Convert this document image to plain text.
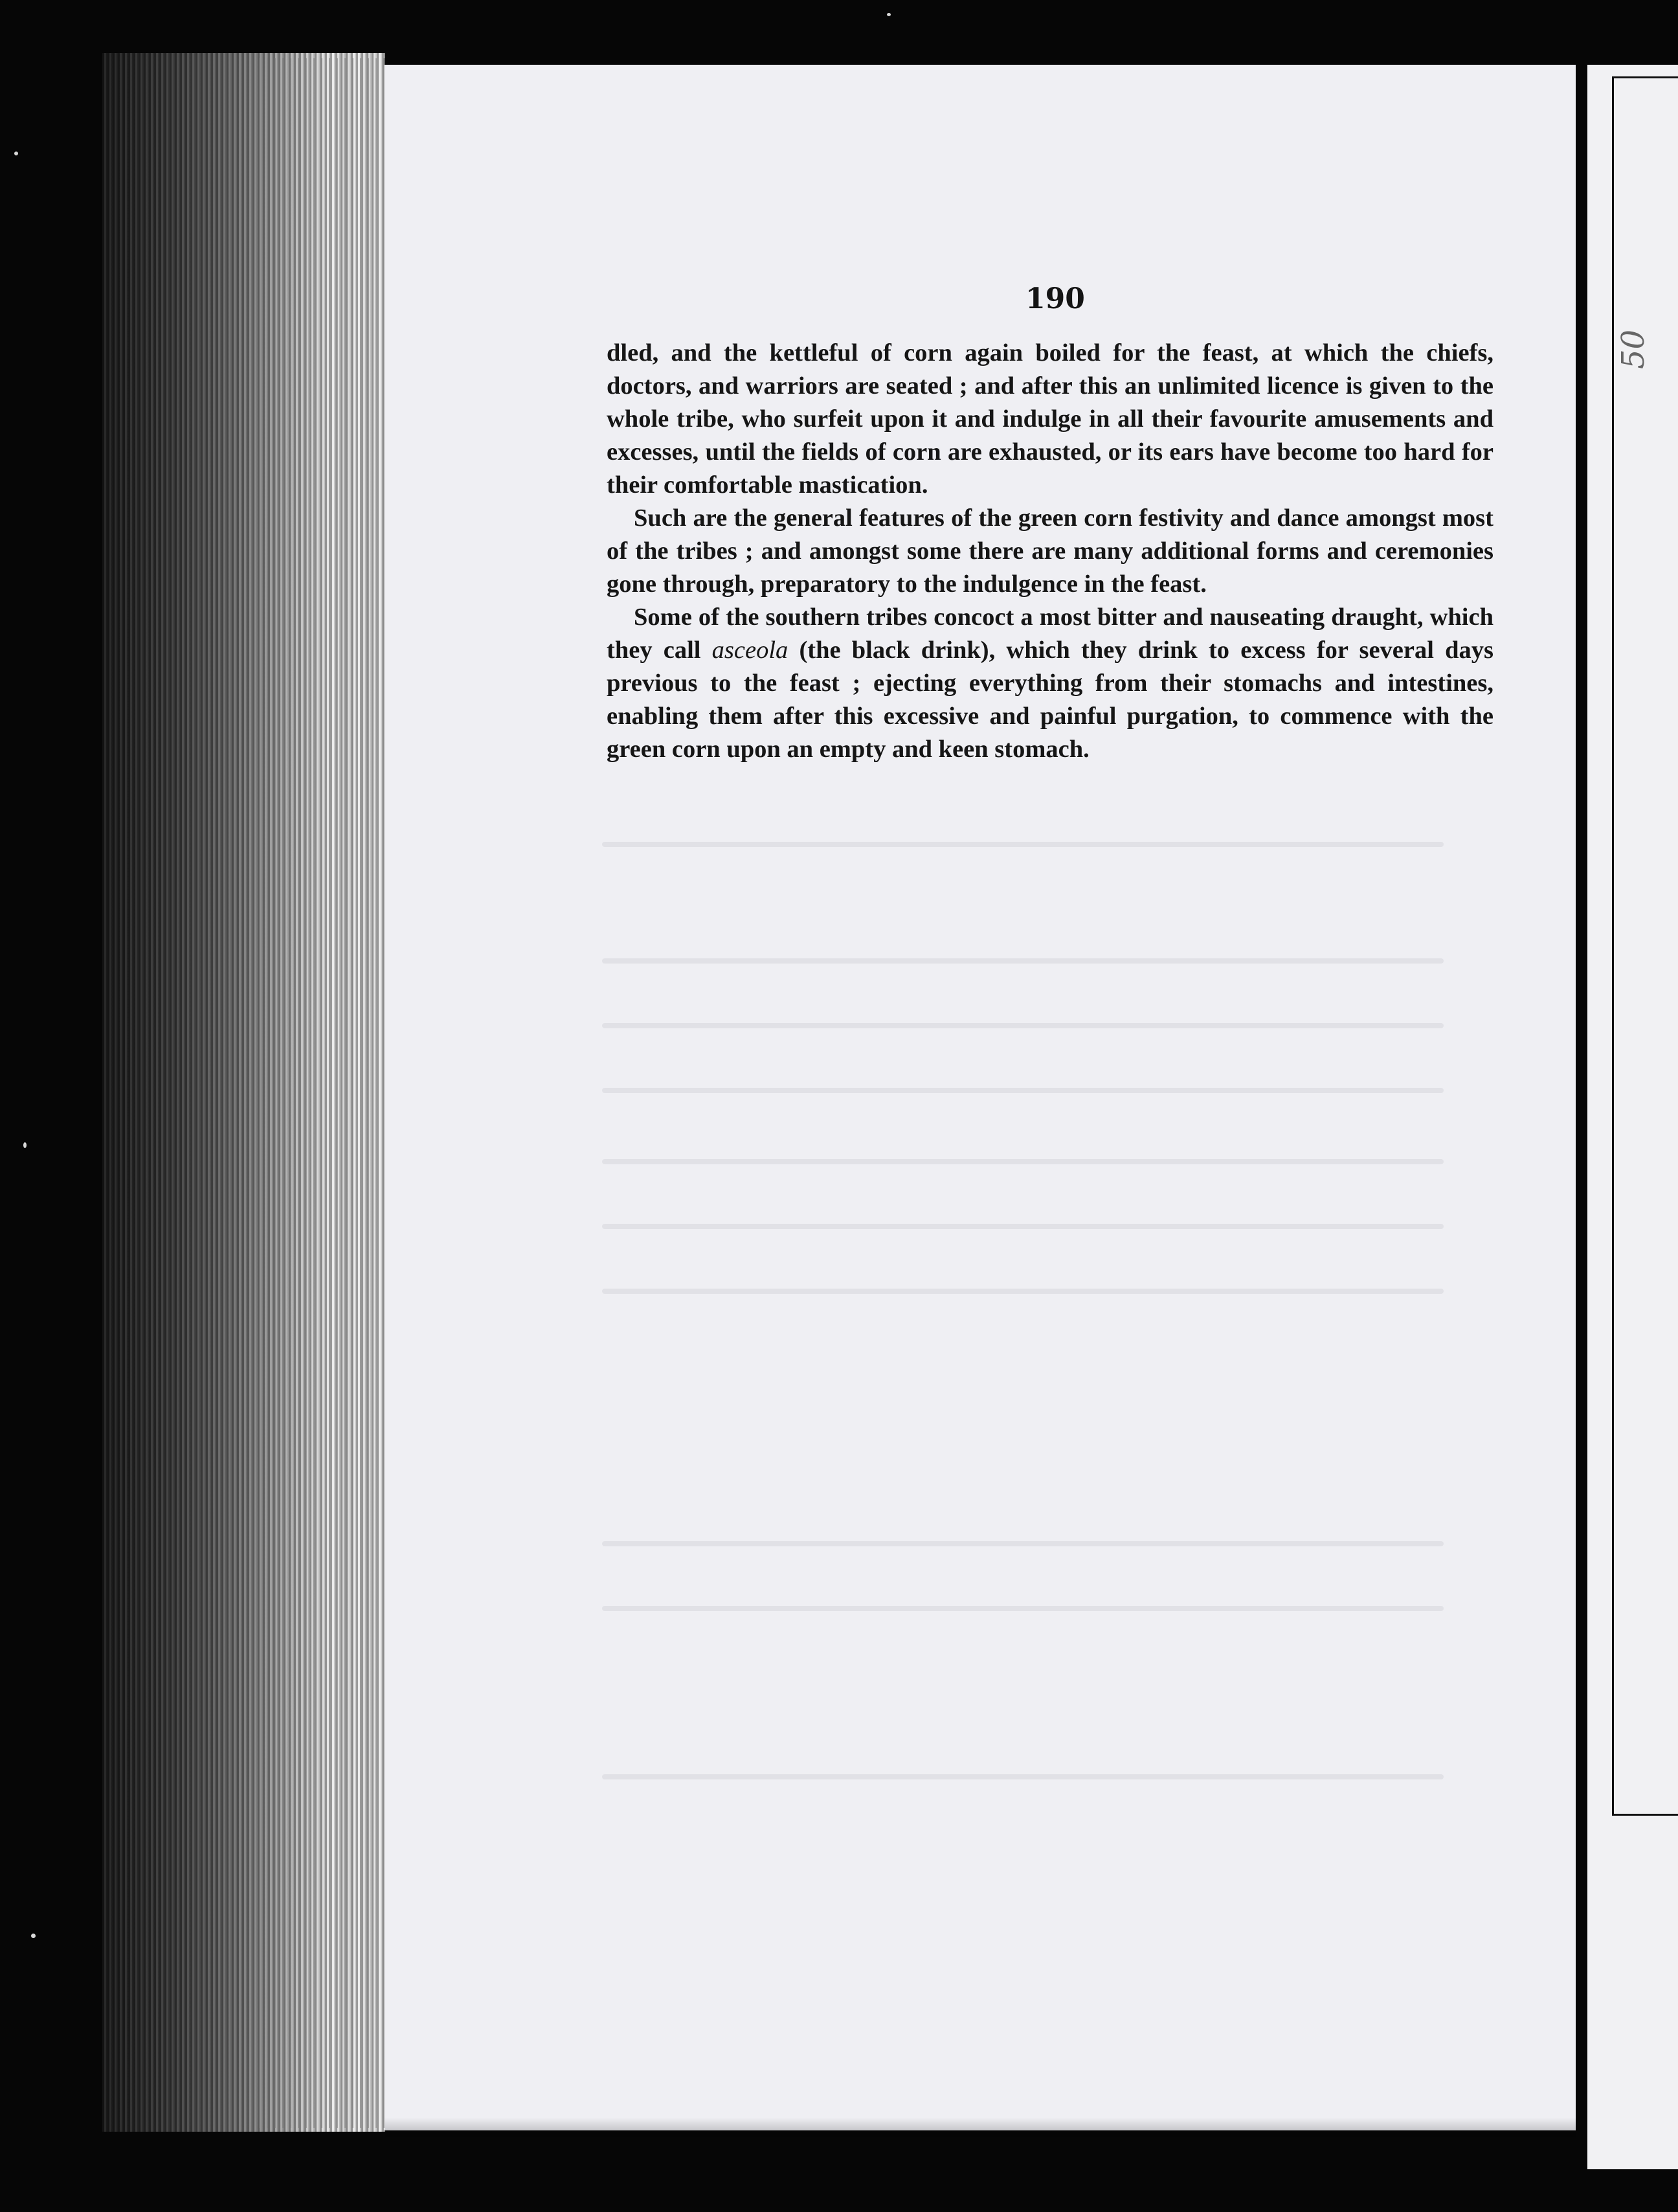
50
190

dled, and the kettleful of corn again boiled for the feast, at which the chiefs, doctors, and warriors are seated ; and after this an unlimited licence is given to the whole tribe, who surfeit upon it and indulge in all their favourite amusements and excesses, until the fields of corn are exhausted, or its ears have become too hard for their comfortable mastication.

Such are the general features of the green corn festivity and dance amongst most of the tribes ; and amongst some there are many additional forms and ceremonies gone through, preparatory to the indulgence in the feast.

Some of the southern tribes concoct a most bitter and nauseating draught, which they call asceola (the black drink), which they drink to excess for several days previous to the feast ; ejecting everything from their stomachs and intestines, enabling them after this excessive and painful purgation, to commence with the green corn upon an empty and keen stomach.
